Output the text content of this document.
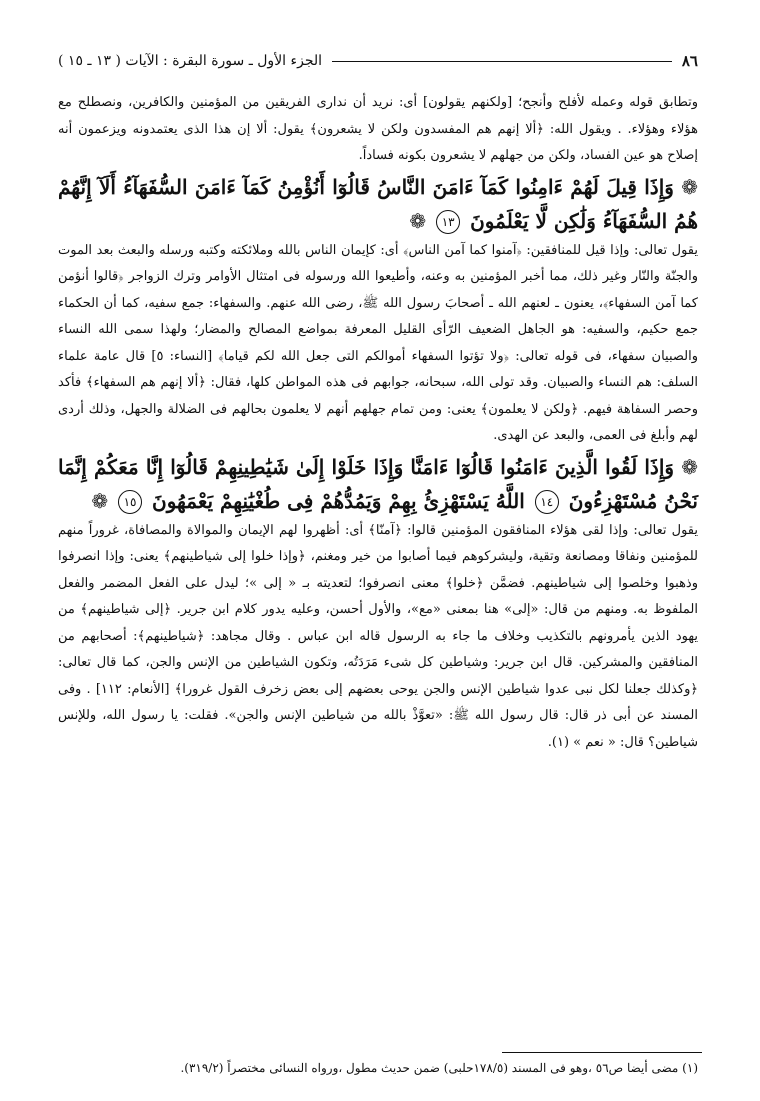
٨٦
الجزء الأول ـ سورة البقرة : الآيات ( ١٣ ـ ١٥ )

وتطابق قوله وعمله لأفلح وأنجح؛ [ولكنهم يقولون] أى: نريد أن ندارى الفريقين من المؤمنين والكافرين، ونصطلح مع هؤلاء وهؤلاء. . ويقول الله: ﴿ألا إنهم هم المفسدون ولكن لا يشعرون﴾ يقول: ألا إن هذا الذى يعتمدونه ويزعمون أنه إصلاح هو عين الفساد، ولكن من جهلهم لا يشعرون بكونه فساداً.

❁ وَإِذَا قِيلَ لَهُمْ ءَامِنُوا كَمَآ ءَامَنَ النَّاسُ قَالُوٓا أَنُؤْمِنُ كَمَآ ءَامَنَ السُّفَهَآءُ أَلَآ إِنَّهُمْ هُمُ السُّفَهَآءُ وَلَٰكِن لَّا يَعْلَمُونَ ١٣ ❁

يقول تعالى: وإذا قيل للمنافقين: ﴿آمنوا كما آمن الناس﴾ أى: كإيمان الناس بالله وملائكته وكتبه ورسله والبعث بعد الموت والجنّة والنّار وغير ذلك، مما أخبر المؤمنين به وعنه، وأطيعوا الله ورسوله فى امتثال الأوامر وترك الزواجر ﴿قالوا أنؤمن كما آمن السفهاء﴾، يعنون ـ لعنهم الله ـ أصحابَ رسول الله ﷺ، رضى الله عنهم. والسفهاء: جمع سفيه، كما أن الحكماء جمع حكيم، والسفيه: هو الجاهل الضعيف الرّأى القليل المعرفة بمواضع المصالح والمضار؛ ولهذا سمى الله النساء والصبيان سفهاء، فى قوله تعالى: ﴿ولا تؤتوا السفهاء أموالكم التى جعل الله لكم قياما﴾ [النساء: ٥] قال عامة علماء السلف: هم النساء والصبيان. وقد تولى الله، سبحانه، جوابهم فى هذه المواطن كلها، فقال: ﴿ألا إنهم هم السفهاء﴾ فأكد وحصر السفاهة فيهم. ﴿ولكن لا يعلمون﴾ يعنى: ومن تمام جهلهم أنهم لا يعلمون بحالهم فى الضلالة والجهل، وذلك أردى لهم وأبلغ فى العمى، والبعد عن الهدى.

❁ وَإِذَا لَقُوا الَّذِينَ ءَامَنُوا قَالُوٓا ءَامَنَّا وَإِذَا خَلَوْا إِلَىٰ شَيَٰطِينِهِمْ قَالُوٓا إِنَّا مَعَكُمْ إِنَّمَا نَحْنُ مُسْتَهْزِءُونَ ١٤ اللَّهُ يَسْتَهْزِئُ بِهِمْ وَيَمُدُّهُمْ فِى طُغْيَٰنِهِمْ يَعْمَهُونَ ١٥ ❁

يقول تعالى: وإذا لقى هؤلاء المنافقون المؤمنين قالوا: ﴿آمنّا﴾ أى: أظهروا لهم الإيمان والموالاة والمصافاة، غروراً منهم للمؤمنين ونفاقا ومصانعة وتقية، وليشركوهم فيما أصابوا من خير ومغنم، ﴿وإذا خلوا إلى شياطينهم﴾ يعنى: وإذا انصرفوا وذهبوا وخلصوا إلى شياطينهم. فضمَّن ﴿خلوا﴾ معنى انصرفوا؛ لتعديته بـ « إلى »؛ ليدل على الفعل المضمر والفعل الملفوظ به. ومنهم من قال: «إلى» هنا بمعنى «مع»، والأول أحسن، وعليه يدور كلام ابن جرير. ﴿إلى شياطينهم﴾ من يهود الذين يأمرونهم بالتكذيب وخلاف ما جاء به الرسول قاله ابن عباس . وقال مجاهد: ﴿شياطينهم﴾: أصحابهم من المنافقين والمشركين. قال ابن جرير: وشياطين كل شىء مَرَدَتُه، وتكون الشياطين من الإنس والجن، كما قال تعالى: ﴿وكذلك جعلنا لكل نبى عدوا شياطين الإنس والجن يوحى بعضهم إلى بعض زخرف القول غرورا﴾ [الأنعام: ١١٢] . وفى المسند عن أبى ذر قال: قال رسول الله ﷺ: «تعوَّذْ بالله من شياطين الإنس والجن». فقلت: يا رسول الله، وللإنس شياطين؟ قال: « نعم » (١).

(١) مضى أيضا ص٥٦ ،وهو فى المسند (١٧٨/٥حلبى) ضمن حديث مطول ،ورواه النسائى مختصراً (٣١٩/٢).
